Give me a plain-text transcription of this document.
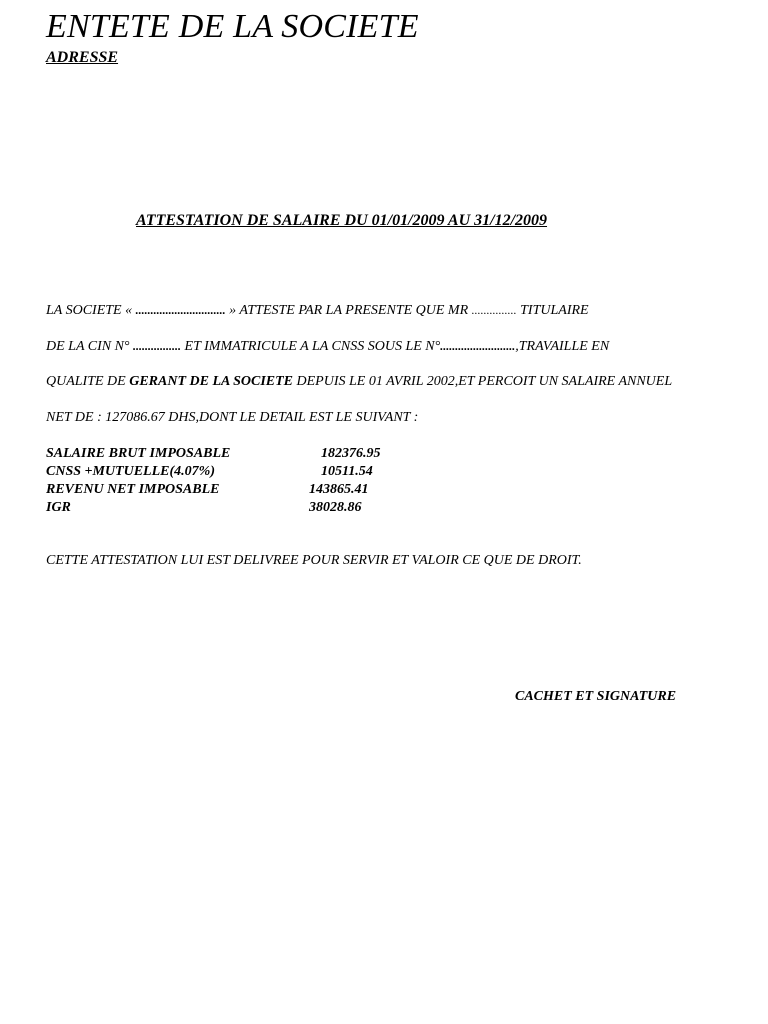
ENTETE DE LA SOCIETE
ADRESSE
ATTESTATION DE SALAIRE DU 01/01/2009 AU 31/12/2009
LA SOCIETE « .............................. » ATTESTE PAR LA PRESENTE QUE MR ............... TITULAIRE
DE LA CIN N° ................ ET IMMATRICULE A LA CNSS SOUS LE N°.........................,TRAVAILLE EN
QUALITE DE GERANT DE LA SOCIETE DEPUIS LE 01 AVRIL 2002,ET PERCOIT UN SALAIRE ANNUEL
NET DE : 127086.67 DHS,DONT LE DETAIL EST LE SUIVANT :
SALAIRE BRUT IMPOSABLE	182376.95
CNSS +MUTUELLE(4.07%)	10511.54
REVENU NET IMPOSABLE	143865.41
IGR	38028.86
CETTE ATTESTATION LUI EST DELIVREE POUR SERVIR ET VALOIR CE QUE DE DROIT.
CACHET ET SIGNATURE
